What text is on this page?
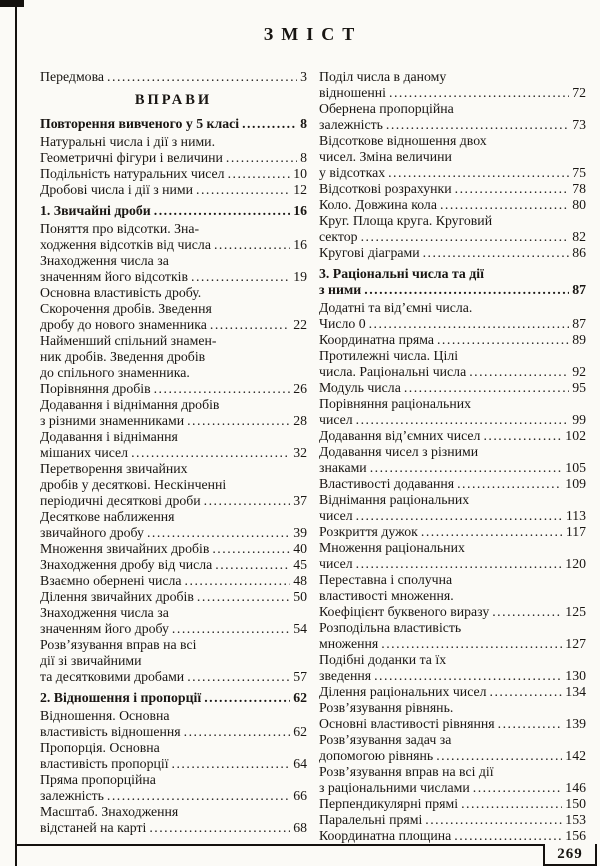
ЗМІСТ
Передмова .....	3
ВПРАВИ
Повторення вивченого у 5 класі .....	8
Натуральні числа і дії з ними.
Геометричні фігури і величини .....	8
Подільність натуральних чисел .....	10
Дробові числа і дії з ними .....	12
1. Звичайні дроби .....	16
Поняття про відсотки. Зна-
ходження відсотків від числа .....	16
Знаходження числа за
значенням його відсотків .....	19
Основна властивість дробу.
Скорочення дробів. Зведення
дробу до нового знаменника .....	22
Найменший спільний знамен-
ник дробів. Зведення дробів
до спільного знаменника.
Порівняння дробів .....	26
Додавання і віднімання дробів
з різними знаменниками .....	28
Додавання і віднімання
мішаних чисел .....	32
Перетворення звичайних
дробів у десяткові. Нескінченні
періодичні десяткові дроби .....	37
Десяткове наближення
звичайного дробу .....	39
Множення звичайних дробів .....	40
Знаходження дробу від числа .....	45
Взаємно обернені числа .....	48
Ділення звичайних дробів .....	50
Знаходження числа за
значенням його дробу .....	54
Розв’язування вправ на всі
дії зі звичайними
та десятковими дробами .....	57
2. Відношення і пропорції .....	62
Відношення. Основна
властивість відношення .....	62
Пропорція. Основна
властивість пропорції .....	64
Пряма пропорційна
залежність .....	66
Масштаб. Знаходження
відстаней на карті .....	68
Поділ числа в даному
відношенні .....	72
Обернена пропорційна
залежність .....	73
Відсоткове відношення двох
чисел. Зміна величини
у відсотках .....	75
Відсоткові розрахунки .....	78
Коло. Довжина кола .....	80
Круг. Площа круга. Круговий
сектор .....	82
Кругові діаграми .....	86
3. Раціональні числа та дії
з ними .....	87
Додатні та від’ємні числа.
Число 0 .....	87
Координатна пряма .....	89
Протилежні числа. Цілі
числа. Раціональні числа .....	92
Модуль числа .....	95
Порівняння раціональних
чисел .....	99
Додавання від’ємних чисел .....	102
Додавання чисел з різними
знаками .....	105
Властивості додавання .....	109
Віднімання раціональних
чисел .....	113
Розкриття дужок .....	117
Множення раціональних
чисел .....	120
Переставна і сполучна
властивості множення.
Коефіцієнт буквеного виразу .....	125
Розподільна властивість
множення .....	127
Подібні доданки та їх
зведення .....	130
Ділення раціональних чисел .....	134
Розв’язування рівнянь.
Основні властивості рівняння .....	139
Розв’язування задач за
допомогою рівнянь .....	142
Розв’язування вправ на всі дії
з раціональними числами .....	146
Перпендикулярні прямі .....	150
Паралельні прямі .....	153
Координатна площина .....	156
269
